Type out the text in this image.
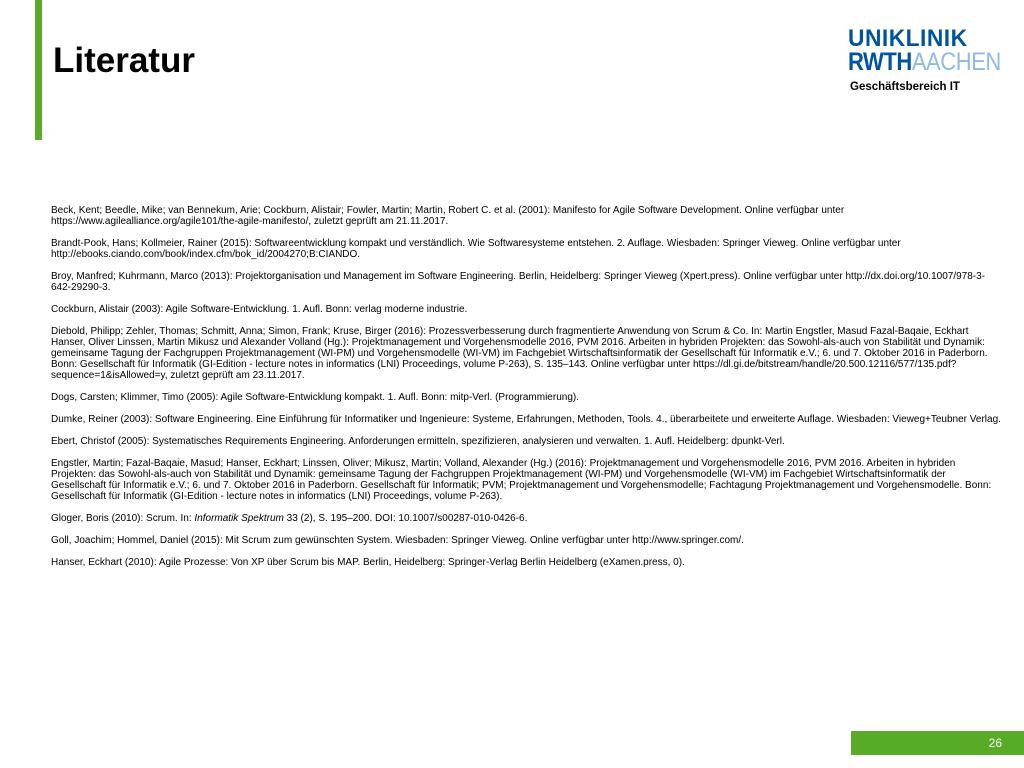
Literatur
UNIKLINIK
RWTHAACHEN
Geschäftsbereich IT
Beck, Kent; Beedle, Mike; van Bennekum, Arie; Cockburn, Alistair; Fowler, Martin; Martin, Robert C. et al. (2001): Manifesto for Agile Software Development. Online verfügbar unter https://www.agilealliance.org/agile101/the-agile-manifesto/, zuletzt geprüft am 21.11.2017.
Brandt-Pook, Hans; Kollmeier, Rainer (2015): Softwareentwicklung kompakt und verständlich. Wie Softwaresysteme entstehen. 2. Auflage. Wiesbaden: Springer Vieweg. Online verfügbar unter http://ebooks.ciando.com/book/index.cfm/bok_id/2004270;B:CIANDO.
Broy, Manfred; Kuhrmann, Marco (2013): Projektorganisation und Management im Software Engineering. Berlin, Heidelberg: Springer Vieweg (Xpert.press). Online verfügbar unter http://dx.doi.org/10.1007/978-3-642-29290-3.
Cockburn, Alistair (2003): Agile Software-Entwicklung. 1. Aufl. Bonn: verlag moderne industrie.
Diebold, Philipp; Zehler, Thomas; Schmitt, Anna; Simon, Frank; Kruse, Birger (2016): Prozessverbesserung durch fragmentierte Anwendung von Scrum & Co. In: Martin Engstler, Masud Fazal-Baqaie, Eckhart Hanser, Oliver Linssen, Martin Mikusz und Alexander Volland (Hg.): Projektmanagement und Vorgehensmodelle 2016, PVM 2016. Arbeiten in hybriden Projekten: das Sowohl-als-auch von Stabilität und Dynamik: gemeinsame Tagung der Fachgruppen Projektmanagement (WI-PM) und Vorgehensmodelle (WI-VM) im Fachgebiet Wirtschaftsinformatik der Gesellschaft für Informatik e.V.; 6. und 7. Oktober 2016 in Paderborn. Bonn: Gesellschaft für Informatik (GI-Edition - lecture notes in informatics (LNI) Proceedings, volume P-263), S. 135–143. Online verfügbar unter https://dl.gi.de/bitstream/handle/20.500.12116/577/135.pdf?sequence=1&isAllowed=y, zuletzt geprüft am 23.11.2017.
Dogs, Carsten; Klimmer, Timo (2005): Agile Software-Entwicklung kompakt. 1. Aufl. Bonn: mitp-Verl. (Programmierung).
Dumke, Reiner (2003): Software Engineering. Eine Einführung für Informatiker und Ingenieure: Systeme, Erfahrungen, Methoden, Tools. 4., überarbeitete und erweiterte Auflage. Wiesbaden: Vieweg+Teubner Verlag.
Ebert, Christof (2005): Systematisches Requirements Engineering. Anforderungen ermitteln, spezifizieren, analysieren und verwalten. 1. Aufl. Heidelberg: dpunkt-Verl.
Engstler, Martin; Fazal-Baqaie, Masud; Hanser, Eckhart; Linssen, Oliver; Mikusz, Martin; Volland, Alexander (Hg.) (2016): Projektmanagement und Vorgehensmodelle 2016, PVM 2016. Arbeiten in hybriden Projekten: das Sowohl-als-auch von Stabilität und Dynamik: gemeinsame Tagung der Fachgruppen Projektmanagement (WI-PM) und Vorgehensmodelle (WI-VM) im Fachgebiet Wirtschaftsinformatik der Gesellschaft für Informatik e.V.; 6. und 7. Oktober 2016 in Paderborn. Gesellschaft für Informatik; PVM; Projektmanagement und Vorgehensmodelle; Fachtagung Projektmanagement und Vorgehensmodelle. Bonn: Gesellschaft für Informatik (GI-Edition - lecture notes in informatics (LNI) Proceedings, volume P-263).
Gloger, Boris (2010): Scrum. In: Informatik Spektrum 33 (2), S. 195–200. DOI: 10.1007/s00287-010-0426-6.
Goll, Joachim; Hommel, Daniel (2015): Mit Scrum zum gewünschten System. Wiesbaden: Springer Vieweg. Online verfügbar unter http://www.springer.com/.
Hanser, Eckhart (2010): Agile Prozesse: Von XP über Scrum bis MAP. Berlin, Heidelberg: Springer-Verlag Berlin Heidelberg (eXamen.press, 0).
26
